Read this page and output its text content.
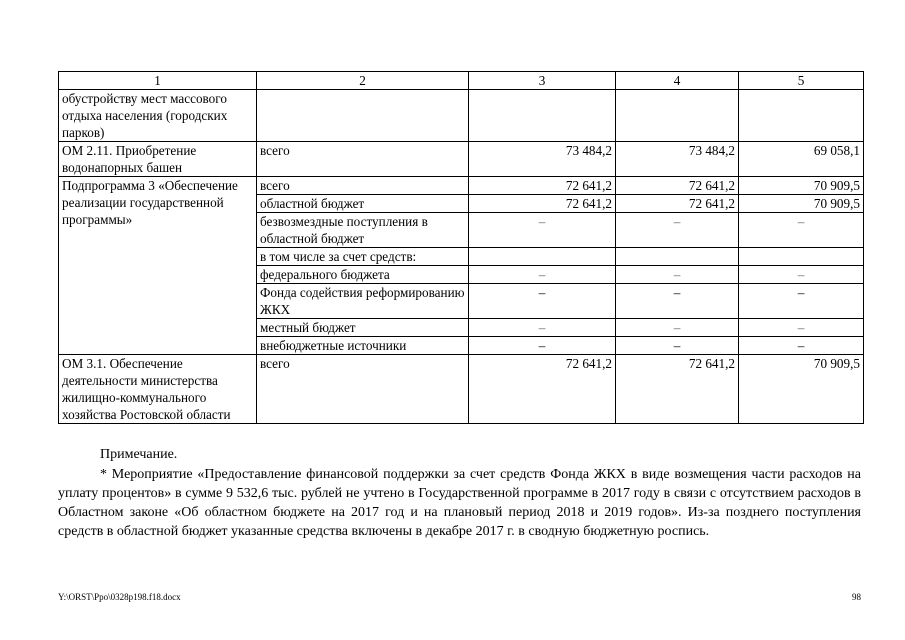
1	2	3	4	5
обустройству мест массового отдыха населения (городских парков)				
ОМ 2.11. Приобретение водонапорных башен	всего	73 484,2	73 484,2	69 058,1
Подпрограмма 3 «Обеспечение реализации государственной программы»	всего	72 641,2	72 641,2	70 909,5
	областной бюджет	72 641,2	72 641,2	70 909,5
	безвозмездные поступления в областной бюджет	–	–	–
	в том числе за счет средств:			
	федерального бюджета	–	–	–
	Фонда содействия реформированию ЖКХ	–	–	–
	местный бюджет	–	–	–
	внебюджетные источники	–	–	–
ОМ 3.1. Обеспечение деятельности министерства жилищно-коммунального хозяйства Ростовской области	всего	72 641,2	72 641,2	70 909,5
Примечание.
* Мероприятие «Предоставление финансовой поддержки за счет средств Фонда ЖКХ в виде возмещения части расходов на уплату процентов» в сумме 9 532,6 тыс. рублей не учтено в Государственной программе в 2017 году в связи с отсутствием расходов в Областном законе «Об областном бюджете на 2017 год и на плановый период 2018 и 2019 годов». Из-за позднего поступления средств в областной бюджет указанные средства включены в декабре 2017 г. в сводную бюджетную роспись.
Y:\ORST\Ppo\0328p198.f18.docx	98
